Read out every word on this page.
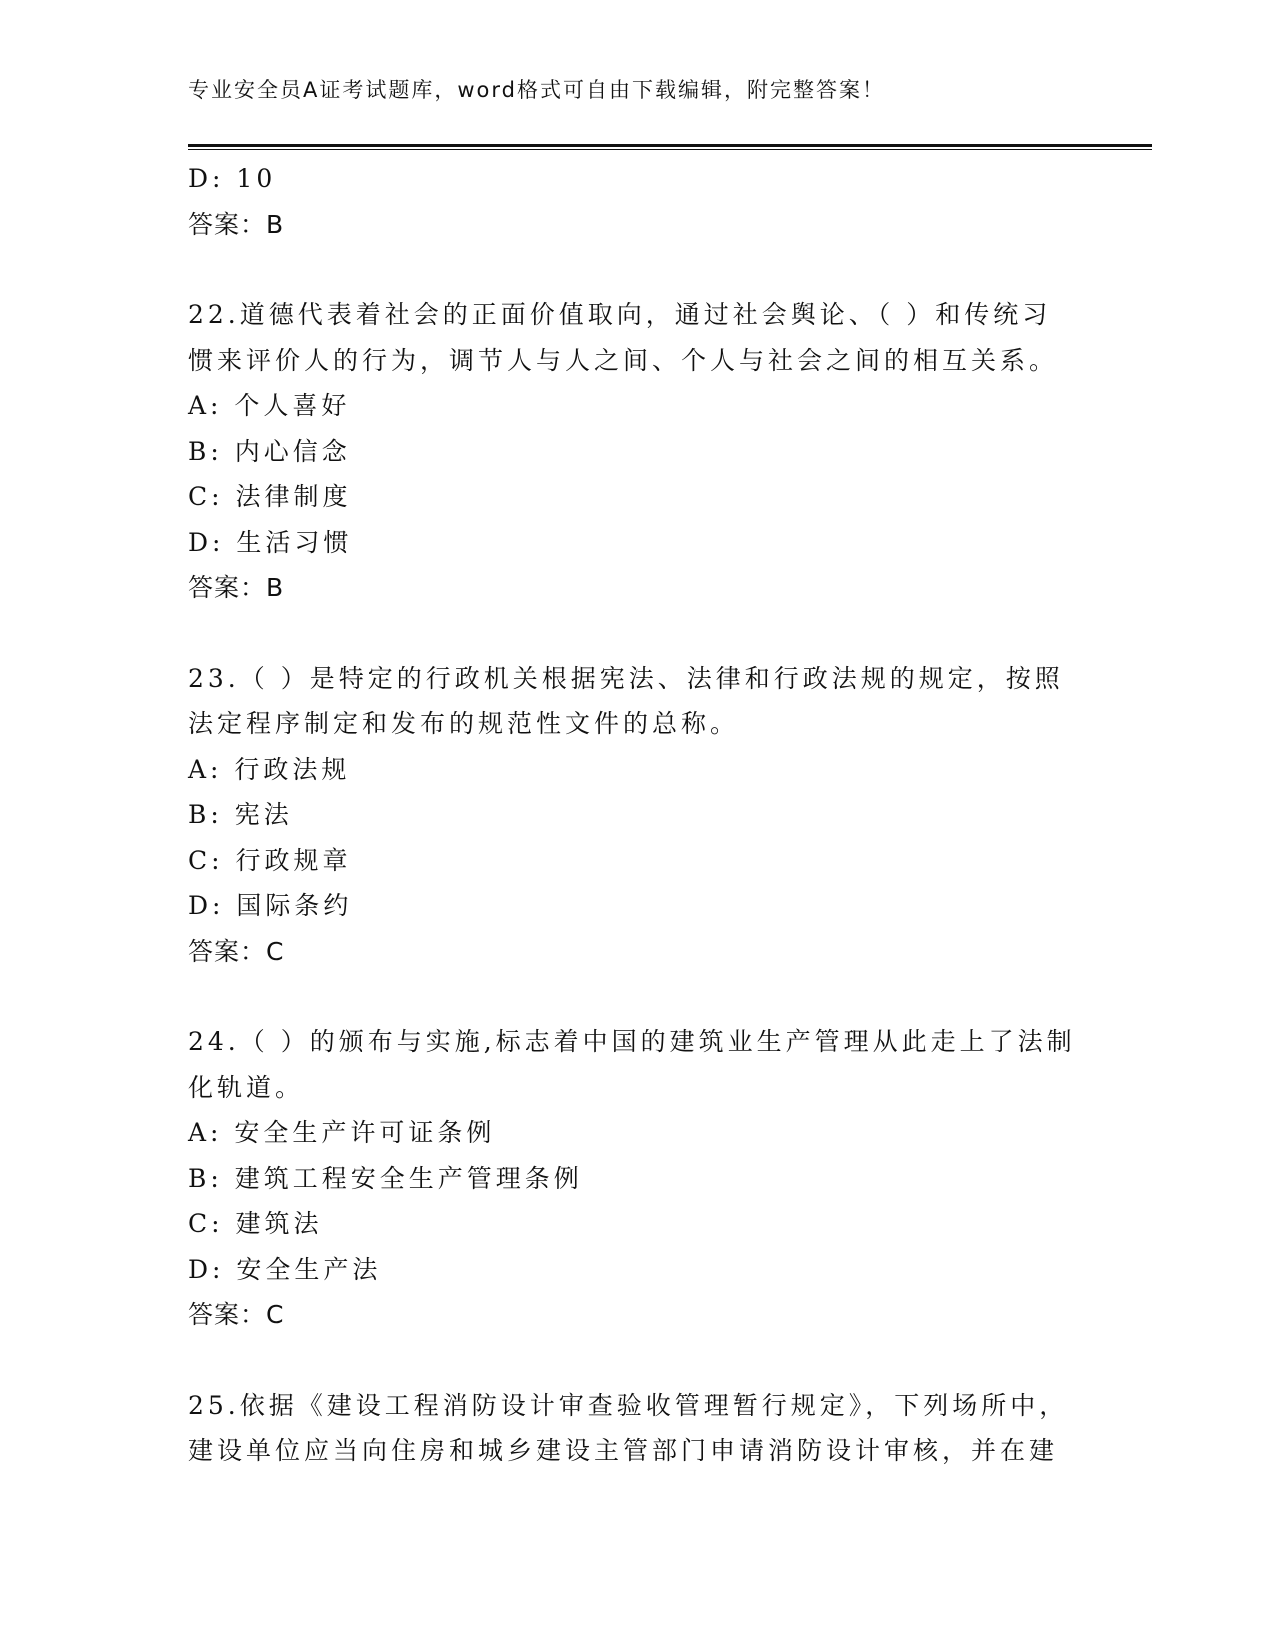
专业安全员A证考试题库，word格式可自由下载编辑，附完整答案！
D: 10
答案：B
22.道德代表着社会的正面价值取向，通过社会舆论、（ ）和传统习
惯来评价人的行为，调节人与人之间、个人与社会之间的相互关系。
A: 个人喜好
B: 内心信念
C: 法律制度
D: 生活习惯
答案：B
23.（ ）是特定的行政机关根据宪法、法律和行政法规的规定，按照
法定程序制定和发布的规范性文件的总称。
A: 行政法规
B: 宪法
C: 行政规章
D: 国际条约
答案：C
24.（ ）的颁布与实施,标志着中国的建筑业生产管理从此走上了法制
化轨道。
A: 安全生产许可证条例
B: 建筑工程安全生产管理条例
C: 建筑法
D: 安全生产法
答案：C
25.依据《建设工程消防设计审查验收管理暂行规定》，下列场所中，
建设单位应当向住房和城乡建设主管部门申请消防设计审核，并在建
